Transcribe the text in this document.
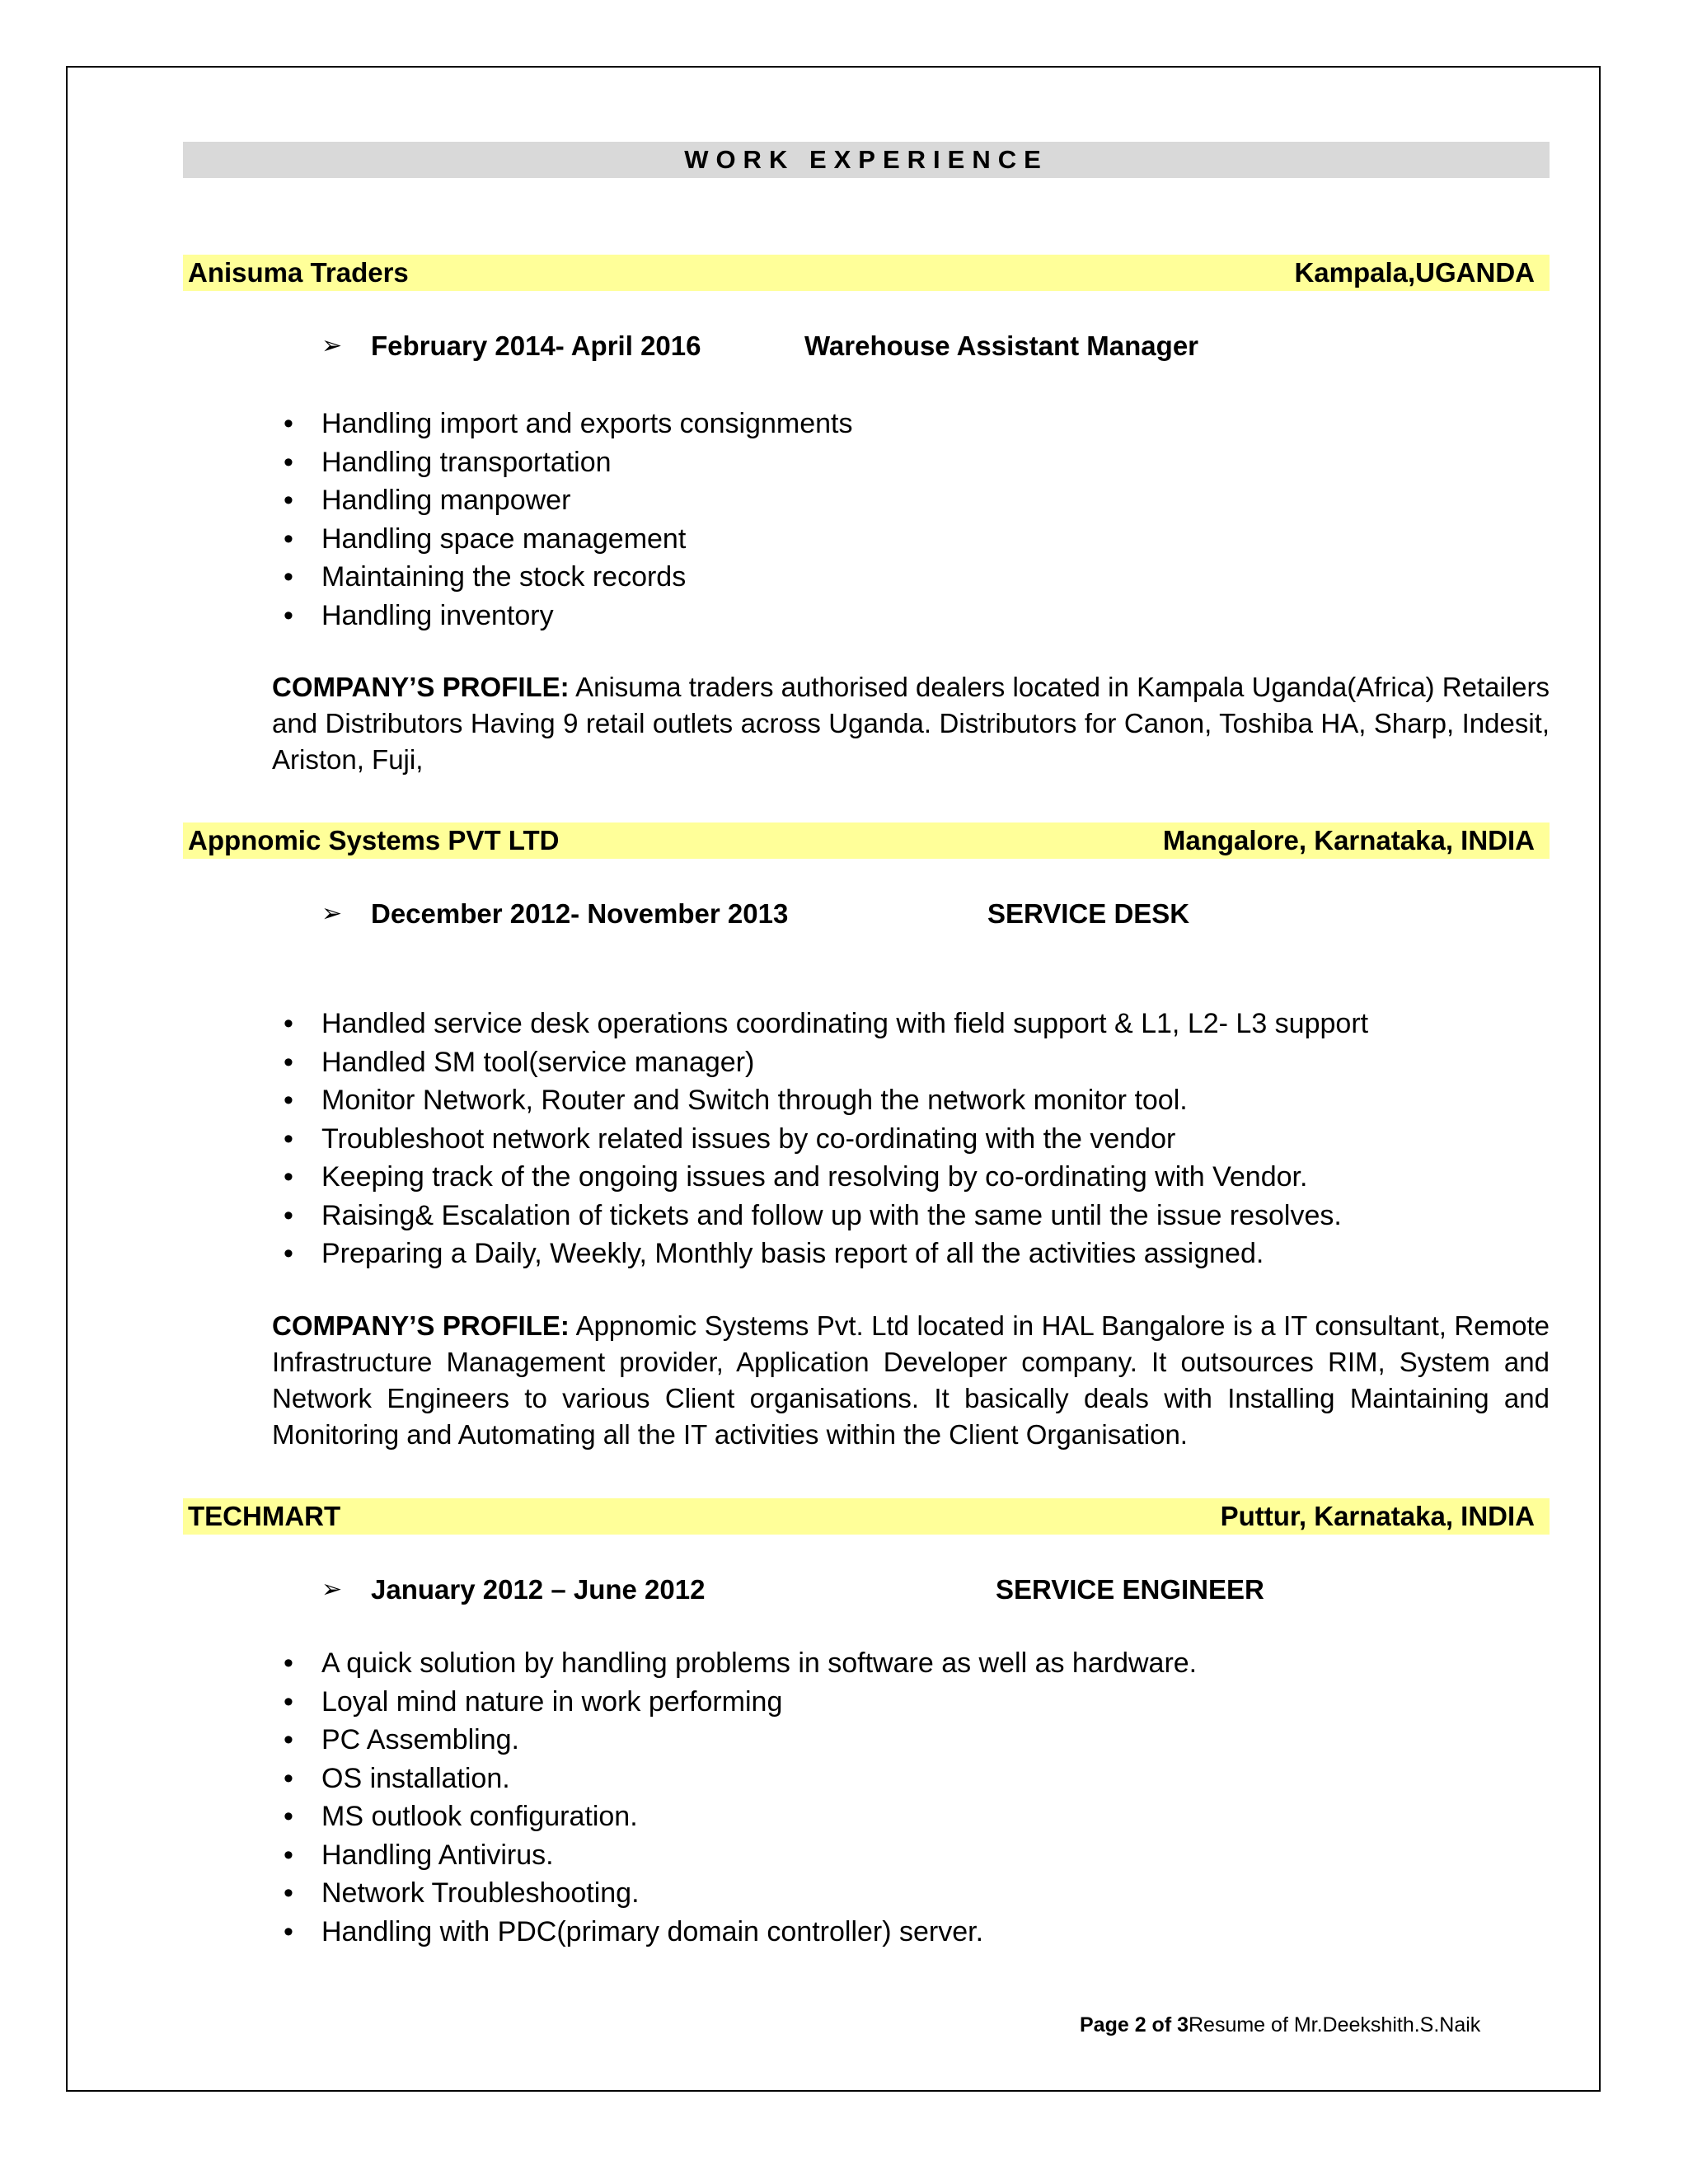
WORK EXPERIENCE
Anisuma Traders	Kampala,UGANDA
➢ February 2014- April 2016	Warehouse Assistant Manager
• Handling import and exports consignments
• Handling transportation
• Handling manpower
• Handling space management
• Maintaining the stock records
• Handling inventory
COMPANY’S PROFILE: Anisuma traders authorised dealers located in Kampala Uganda(Africa) Retailers and Distributors Having 9 retail outlets across Uganda. Distributors for Canon, Toshiba HA, Sharp, Indesit, Ariston, Fuji,
Appnomic Systems PVT LTD	Mangalore, Karnataka, INDIA
➢ December 2012- November 2013	SERVICE DESK
• Handled service desk operations coordinating with field support & L1, L2- L3 support
• Handled SM tool(service manager)
• Monitor Network, Router and Switch through the network monitor tool.
• Troubleshoot network related issues by co-ordinating with the vendor
• Keeping track of the ongoing issues and resolving by co-ordinating with Vendor.
• Raising& Escalation of tickets and follow up with the same until the issue resolves.
• Preparing a Daily, Weekly, Monthly basis report of all the activities assigned.
COMPANY’S PROFILE: Appnomic Systems Pvt. Ltd located in HAL Bangalore is a IT consultant, Remote Infrastructure Management provider, Application Developer company. It outsources RIM, System and Network Engineers to various Client organisations. It basically deals with Installing Maintaining and Monitoring and Automating all the IT activities within the Client Organisation.
TECHMART	Puttur, Karnataka, INDIA
➢ January 2012 – June 2012	SERVICE ENGINEER
• A quick solution by handling problems in software as well as hardware.
• Loyal mind nature in work performing
• PC Assembling.
• OS installation.
• MS outlook configuration.
• Handling Antivirus.
• Network Troubleshooting.
• Handling with PDC(primary domain controller) server.
Page 2 of 3Resume of Mr.Deekshith.S.Naik
